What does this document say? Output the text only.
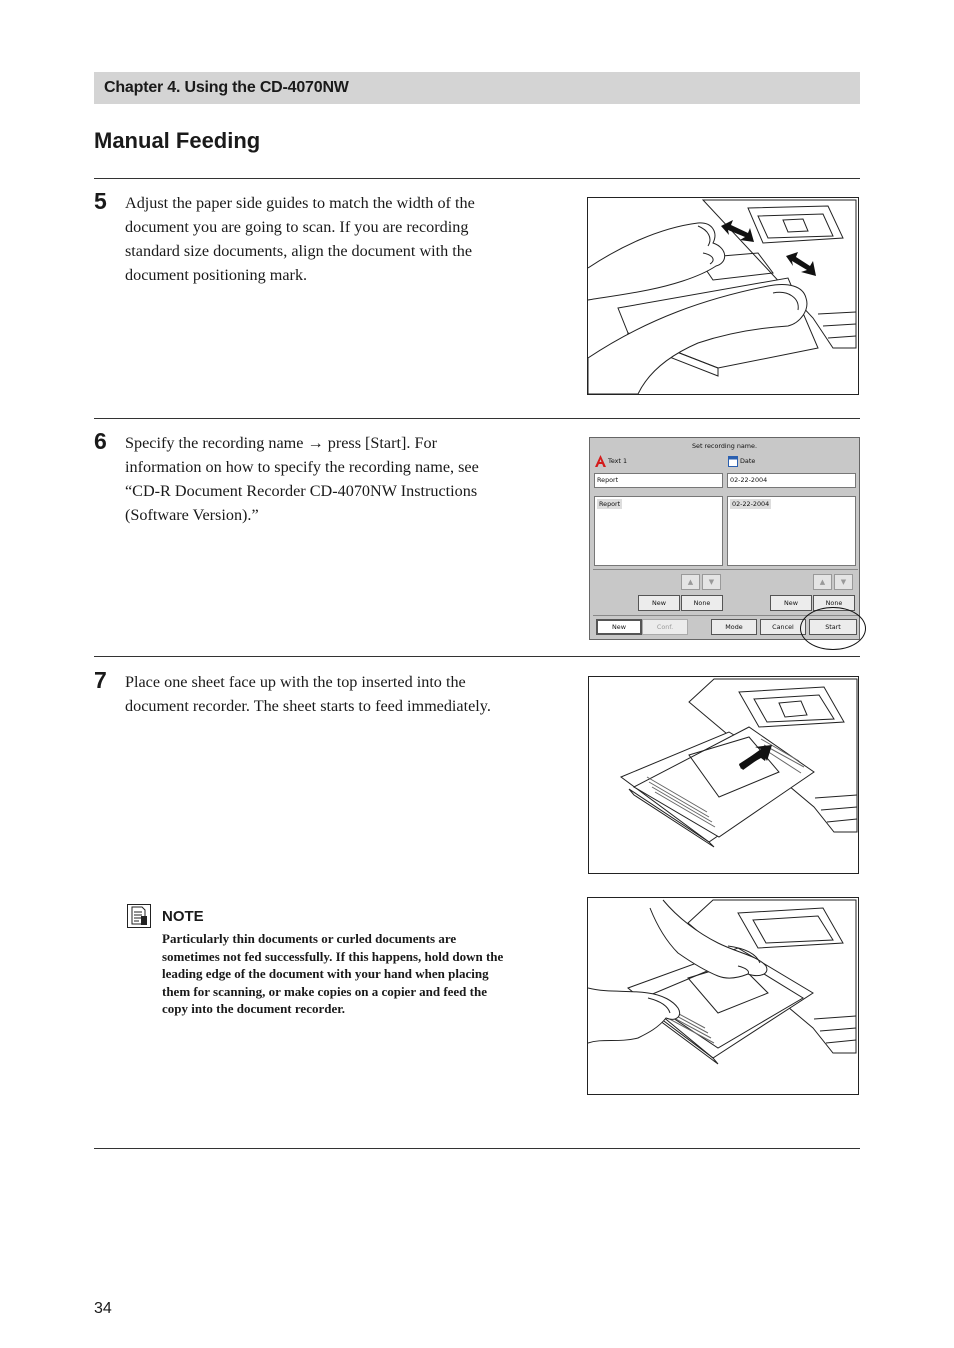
Chapter 4. Using the CD-4070NW
Manual Feeding
5 Adjust the paper side guides to match the width of the
document you are going to scan. If you are recording
standard size documents, align the document with the
document positioning mark.
6 Specify the recording name → press [Start]. For
information on how to specify the recording name, see
“CD-R Document Recorder CD-4070NW Instructions
(Software Version).”
Set recording name.
Text 1	Date
Report	02-22-2004
Report	02-22-2004
▲	▼	▲	▼
New	None	New	None
New	Conf.	Mode	Cancel	Start
7 Place one sheet face up with the top inserted into the
document recorder. The sheet starts to feed immediately.
NOTE
Particularly thin documents or curled documents are
sometimes not fed successfully. If this happens, hold down the
leading edge of the document with your hand when placing
them for scanning, or make copies on a copier and feed the
copy into the document recorder.
34
